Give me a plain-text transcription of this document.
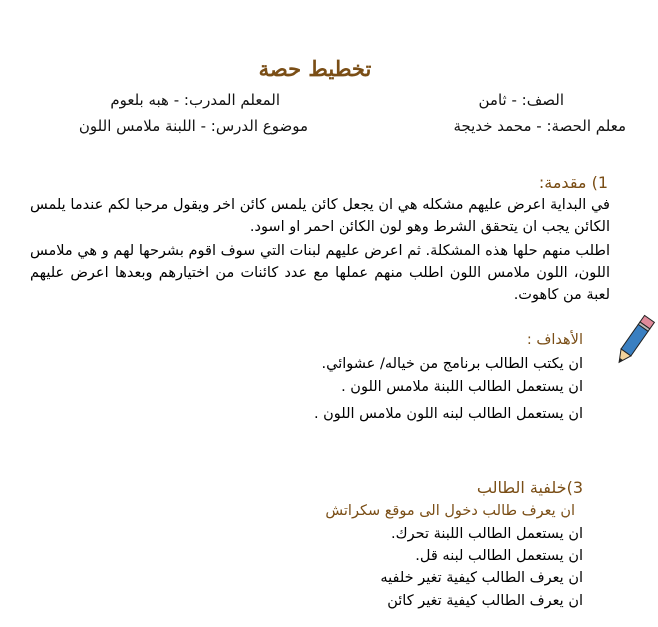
تخطيط حصة
الصف: - ثامن
المعلم المدرب: - هبه بلعوم
معلم الحصة: - محمد خديجة
موضوع الدرس: - اللبنة ملامس اللون
1) مقدمة:
في البداية اعرض عليهم مشكله هي ان يجعل كائن يلمس كائن اخر ويقول مرحبا لكم عندما يلمس الكائن يجب ان يتحقق الشرط وهو لون الكائن احمر او اسود.
اطلب منهم حلها هذه المشكلة. ثم اعرض عليهم لبنات التي سوف اقوم بشرحها لهم و هي ملامس اللون، اللون ملامس اللون اطلب منهم عملها مع عدد كائنات من اختيارهم وبعدها اعرض عليهم لعبة من كاهوت.
الأهداف :
ان يكتب الطالب برنامج من خياله/ عشوائي.
ان يستعمل الطالب اللبنة ملامس اللون .
ان يستعمل الطالب لبنه اللون ملامس اللون .
3)خلفية الطالب
ان يعرف طالب دخول الى موقع سكراتش
ان يستعمل الطالب اللبنة تحرك.
ان يستعمل الطالب لبنه قل.
ان يعرف الطالب كيفية تغير خلفيه
ان يعرف الطالب كيفية تغير كائن
